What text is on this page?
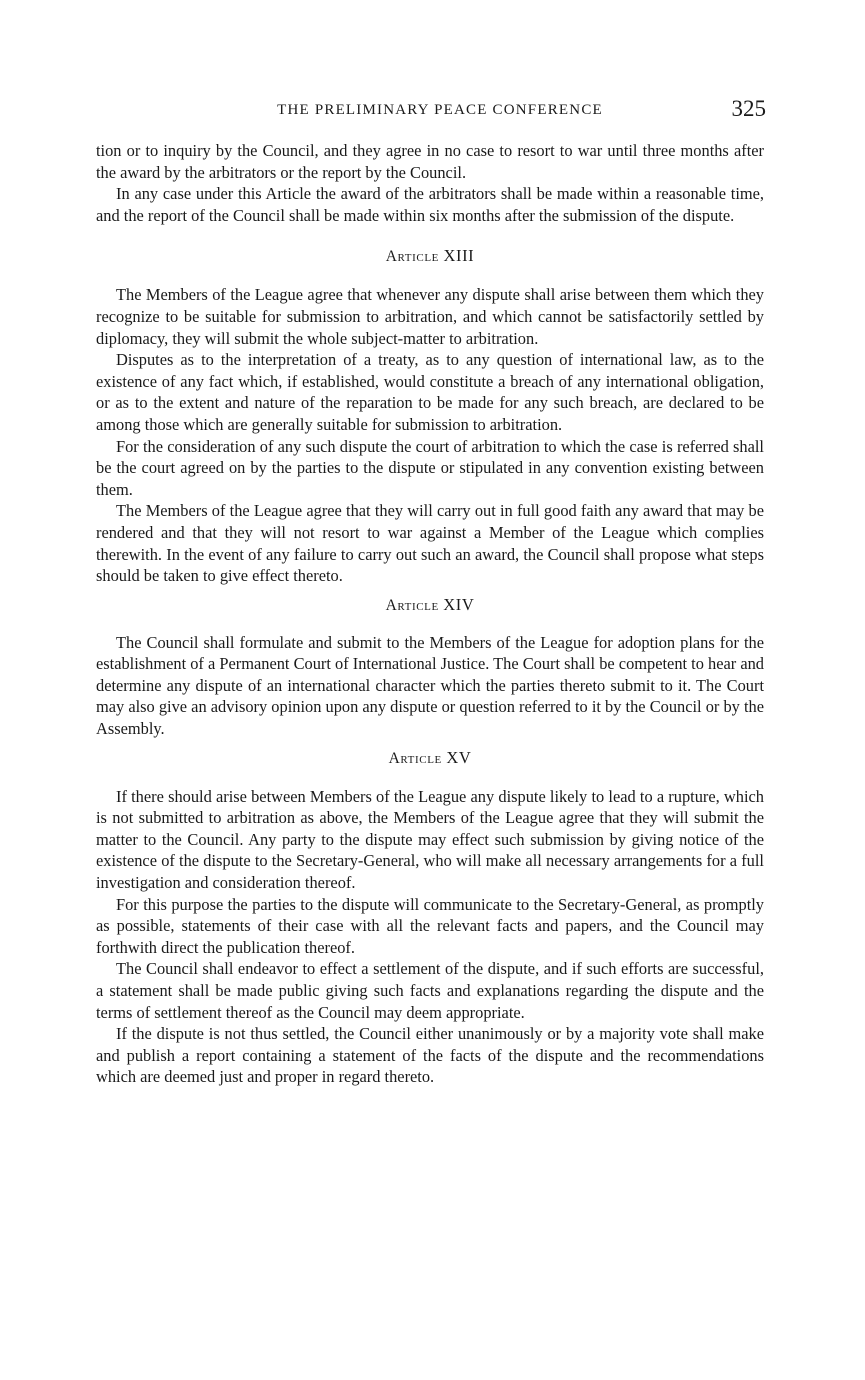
THE PRELIMINARY PEACE CONFERENCE	325

tion or to inquiry by the Council, and they agree in no case to resort to war until three months after the award by the arbitrators or the report by the Council.

In any case under this Article the award of the arbitrators shall be made within a reasonable time, and the report of the Council shall be made within six months after the submission of the dispute.

Article XIII

The Members of the League agree that whenever any dispute shall arise between them which they recognize to be suitable for submission to arbitration, and which cannot be satisfactorily settled by diplomacy, they will submit the whole subject-matter to arbitration.

Disputes as to the interpretation of a treaty, as to any question of international law, as to the existence of any fact which, if established, would constitute a breach of any international obligation, or as to the extent and nature of the reparation to be made for any such breach, are declared to be among those which are generally suitable for submission to arbitration.

For the consideration of any such dispute the court of arbitration to which the case is referred shall be the court agreed on by the parties to the dispute or stipulated in any convention existing between them.

The Members of the League agree that they will carry out in full good faith any award that may be rendered and that they will not resort to war against a Member of the League which complies therewith. In the event of any failure to carry out such an award, the Council shall propose what steps should be taken to give effect thereto.

Article XIV

The Council shall formulate and submit to the Members of the League for adoption plans for the establishment of a Permanent Court of International Justice. The Court shall be competent to hear and determine any dispute of an international character which the parties thereto submit to it. The Court may also give an advisory opinion upon any dispute or question referred to it by the Council or by the Assembly.

Article XV

If there should arise between Members of the League any dispute likely to lead to a rupture, which is not submitted to arbitration as above, the Members of the League agree that they will submit the matter to the Council. Any party to the dispute may effect such submission by giving notice of the existence of the dispute to the Secretary-General, who will make all necessary arrangements for a full investigation and consideration thereof.

For this purpose the parties to the dispute will communicate to the Secretary-General, as promptly as possible, statements of their case with all the relevant facts and papers, and the Council may forthwith direct the publication thereof.

The Council shall endeavor to effect a settlement of the dispute, and if such efforts are successful, a statement shall be made public giving such facts and explanations regarding the dispute and the terms of settlement thereof as the Council may deem appropriate.

If the dispute is not thus settled, the Council either unanimously or by a majority vote shall make and publish a report containing a statement of the facts of the dispute and the recommendations which are deemed just and proper in regard thereto.
